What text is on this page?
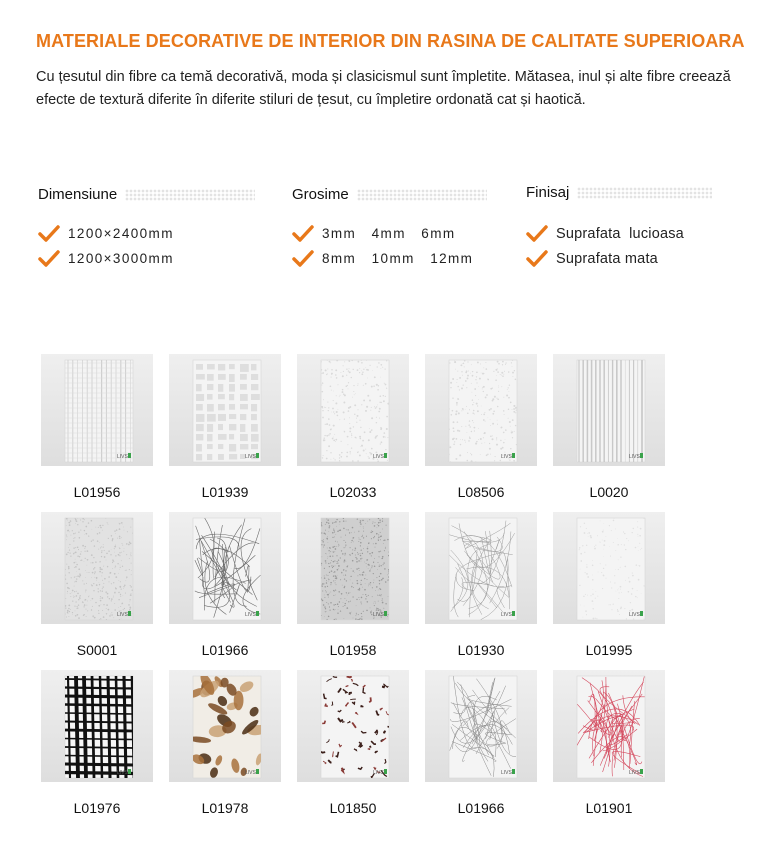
MATERIALE DECORATIVE DE INTERIOR DIN RASINA DE CALITATE SUPERIOARA
Cu țesutul din fibre ca temă decorativă, moda și clasicismul sunt împletite. Mătasea, inul și alte fibre creează efecte de textură diferite în diferite stiluri de țesut, cu împletire ordonată cat și haotică.
Dimensiune
1200×2400mm
1200×3000mm
Grosime
3mm   4mm   6mm
8mm   10mm   12mm
Finisaj
Suprafata  lucioasa
Suprafata mata
LIVS
L01956
LIVS
L01939
LIVS
L02033
LIVS
L08506
LIVS
L0020
LIVS
S0001
LIVS
L01966
LIVS
L01958
LIVS
L01930
LIVS
L01995
LIVS
L01976
LIVS
L01978
LIVS
L01850
LIVS
L01966
LIVS
L01901
